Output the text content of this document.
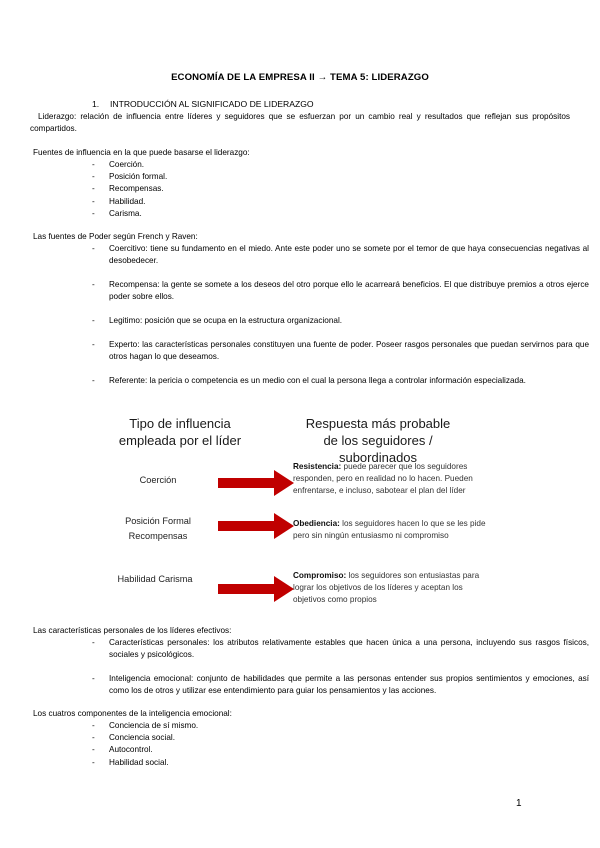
ECONOMÍA DE LA EMPRESA II → TEMA 5: LIDERAZGO
1. INTRODUCCIÓN AL SIGNIFICADO DE LIDERAZGO
Liderazgo: relación de influencia entre líderes y seguidores que se esfuerzan por un cambio real y resultados que reflejan sus propósitos compartidos.
Fuentes de influencia en la que puede basarse el liderazgo:
- Coerción.
- Posición formal.
- Recompensas.
- Habilidad.
- Carisma.
Las fuentes de Poder según French y Raven:
- Coercitivo: tiene su fundamento en el miedo. Ante este poder uno se somete por el temor de que haya consecuencias negativas al desobedecer.
- Recompensa: la gente se somete a los deseos del otro porque ello le acarreará beneficios. El que distribuye premios a otros ejerce poder sobre ellos.
- Legitimo: posición que se ocupa en la estructura organizacional.
- Experto: las características personales constituyen una fuente de poder. Poseer rasgos personales que puedan servirnos para que otros hagan lo que deseamos.
- Referente: la pericia o competencia es un medio con el cual la persona llega a controlar información especializada.
Tipo de influencia empleada por el líder
Respuesta más probable de los seguidores / subordinados
Coerción
Posición Formal Recompensas
Habilidad Carisma
Resistencia: puede parecer que los seguidores responden, pero en realidad no lo hacen. Pueden enfrentarse, e incluso, sabotear el plan del líder
Obediencia: los seguidores hacen lo que se les pide pero sin ningún entusiasmo ni compromiso
Compromiso: los seguidores son entusiastas para lograr los objetivos de los líderes y aceptan los objetivos como propios
Las características personales de los líderes efectivos:
- Características personales: los atributos relativamente estables que hacen única a una persona, incluyendo sus rasgos físicos, sociales y psicológicos.
- Inteligencia emocional: conjunto de habilidades que permite a las personas entender sus propios sentimientos y emociones, así como los de otros y utilizar ese entendimiento para guiar los pensamientos y las acciones.
Los cuatros componentes de la inteligencia emocional:
- Conciencia de sí mismo.
- Conciencia social.
- Autocontrol.
- Habilidad social.
1
